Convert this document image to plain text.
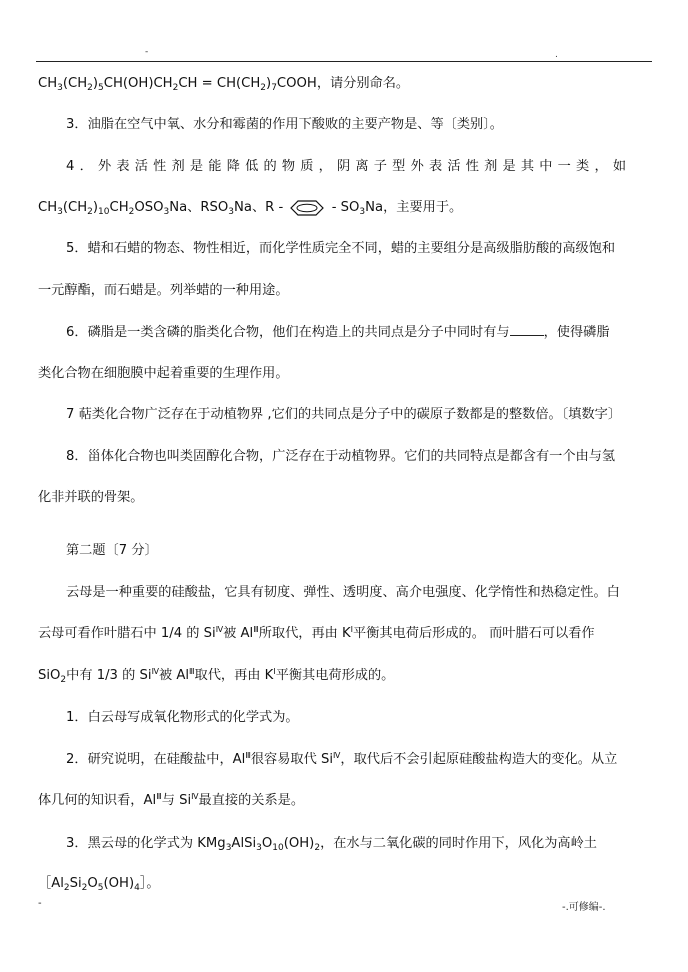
-	.
$CH_3(CH_2)_5CH(OH)CH_2CH$ = $CH(CH_2)_7COOH$，请分别命名。
3．油脂在空气中氧、水分和霉菌的作用下酸败的主要产物是、等〔类别〕。
4．外表活性剂是能降低的物质，阴离子型外表活性剂是其中一类，如
$CH_3(CH_2)_{10}CH_2OSO_3Na$、$RSO_3Na$、R -	- $SO_3Na$，主要用于。
5．蜡和石蜡的物态、物性相近，而化学性质完全不同，蜡的主要组分是高级脂肪酸的高级饱和
一元醇酯，而石蜡是。列举蜡的一种用途。
6．磷脂是一类含磷的脂类化合物，他们在构造上的共同点是分子中同时有与	，使得磷脂
类化合物在细胞膜中起着重要的生理作用。
7 萜类化合物广泛存在于动植物界 ,它们的共同点是分子中的碳原子数都是的整数倍。〔填数字〕
8．甾体化合物也叫类固醇化合物，广泛存在于动植物界。它们的共同特点是都含有一个由与氢
化非并联的骨架。
第二题〔7 分〕
云母是一种重要的硅酸盐，它具有韧度、弹性、透明度、高介电强度、化学惰性和热稳定性。白
云母可看作叶腊石中 1/4 的 $Si^Ⅳ$被 $Al^Ⅲ$所取代，再由 $K^Ⅰ$平衡其电荷后形成的。 而叶腊石可以看作
SiO$_2$中有 1/3 的 $Si^Ⅳ$被 $Al^Ⅲ$取代，再由 $K^Ⅰ$平衡其电荷形成的。
1．白云母写成氧化物形式的化学式为。
2．研究说明，在硅酸盐中，$Al^Ⅲ$很容易取代 $Si^Ⅳ$，取代后不会引起原硅酸盐构造大的变化。从立
体几何的知识看，$Al^Ⅲ$与 $Si^Ⅳ$最直接的关系是。
3．黑云母的化学式为 $KMg_3AlSi_3O_{10}(OH)_2$，在水与二氧化碳的同时作用下，风化为高岭土
$[Al_2Si_2O_5(OH)_4]$。
-	-.可修编-.
